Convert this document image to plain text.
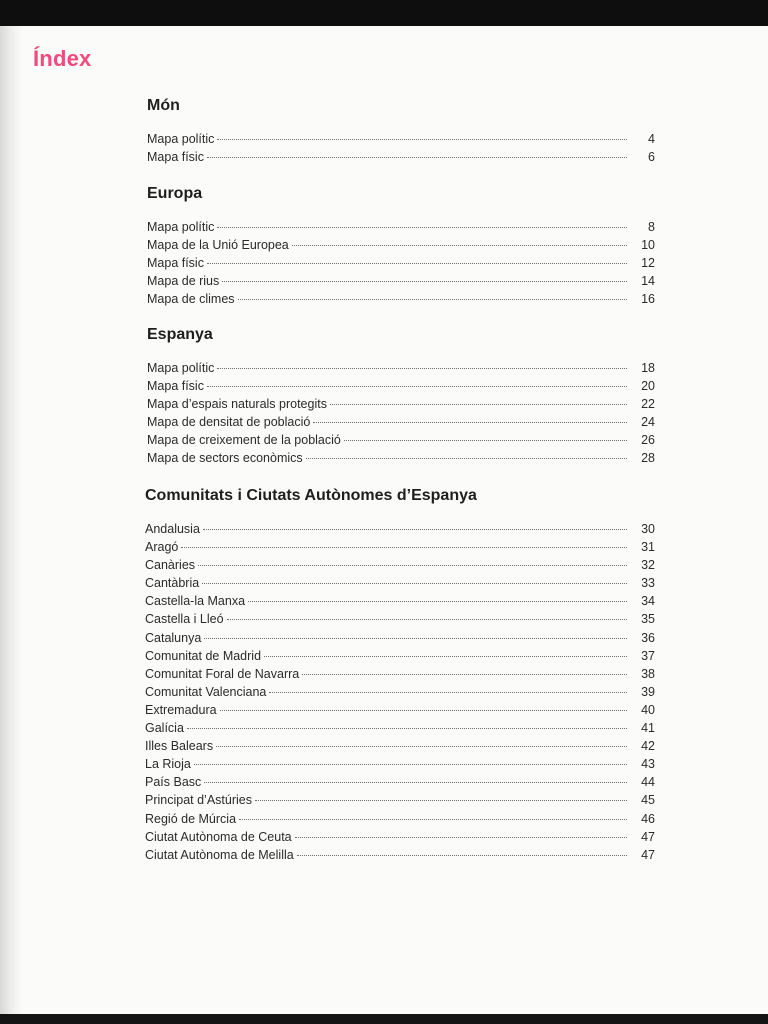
Índex
Món
Mapa polític	4
Mapa físic	6
Europa
Mapa polític	8
Mapa de la Unió Europea	10
Mapa físic	12
Mapa de rius	14
Mapa de climes	16
Espanya
Mapa polític	18
Mapa físic	20
Mapa d’espais naturals protegits	22
Mapa de densitat de població	24
Mapa de creixement de la població	26
Mapa de sectors econòmics	28
Comunitats i Ciutats Autònomes d’Espanya
Andalusia	30
Aragó	31
Canàries	32
Cantàbria	33
Castella-la Manxa	34
Castella i Lleó	35
Catalunya	36
Comunitat de Madrid	37
Comunitat Foral de Navarra	38
Comunitat Valenciana	39
Extremadura	40
Galícia	41
Illes Balears	42
La Rioja	43
País Basc	44
Principat d’Astúries	45
Regió de Múrcia	46
Ciutat Autònoma de Ceuta	47
Ciutat Autònoma de Melilla	47
